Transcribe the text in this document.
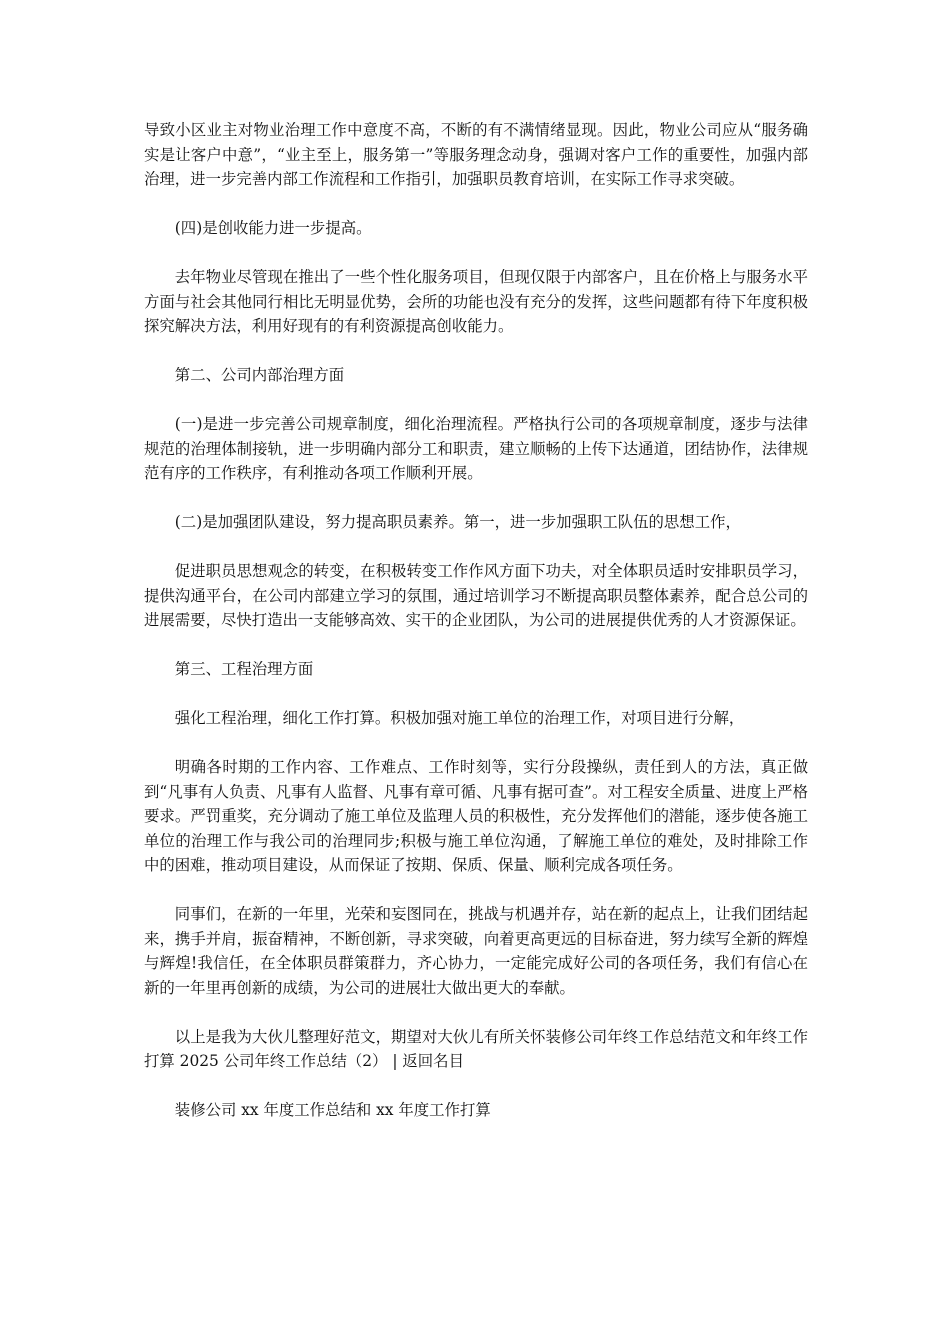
导致小区业主对物业治理工作中意度不高，不断的有不满情绪显现。因此，物业公司应从“服务确实是让客户中意”，“业主至上，服务第一”等服务理念动身，强调对客户工作的重要性，加强内部治理，进一步完善内部工作流程和工作指引，加强职员教育培训，在实际工作寻求突破。

(四)是创收能力进一步提高。

去年物业尽管现在推出了一些个性化服务项目，但现仅限于内部客户，且在价格上与服务水平方面与社会其他同行相比无明显优势，会所的功能也没有充分的发挥，这些问题都有待下年度积极探究解决方法，利用好现有的有利资源提高创收能力。

第二、公司内部治理方面

(一)是进一步完善公司规章制度，细化治理流程。严格执行公司的各项规章制度，逐步与法律规范的治理体制接轨，进一步明确内部分工和职责，建立顺畅的上传下达通道，团结协作，法律规范有序的工作秩序，有利推动各项工作顺利开展。

(二)是加强团队建设，努力提高职员素养。第一，进一步加强职工队伍的思想工作，

促进职员思想观念的转变，在积极转变工作作风方面下功夫，对全体职员适时安排职员学习，提供沟通平台，在公司内部建立学习的氛围，通过培训学习不断提高职员整体素养，配合总公司的进展需要，尽快打造出一支能够高效、实干的企业团队，为公司的进展提供优秀的人才资源保证。

第三、工程治理方面

强化工程治理，细化工作打算。积极加强对施工单位的治理工作，对项目进行分解，

明确各时期的工作内容、工作难点、工作时刻等，实行分段操纵，责任到人的方法，真正做到“凡事有人负责、凡事有人监督、凡事有章可循、凡事有据可查”。对工程安全质量、进度上严格要求。严罚重奖，充分调动了施工单位及监理人员的积极性，充分发挥他们的潜能，逐步使各施工单位的治理工作与我公司的治理同步;积极与施工单位沟通，了解施工单位的难处，及时排除工作中的困难，推动项目建设，从而保证了按期、保质、保量、顺利完成各项任务。

同事们，在新的一年里，光荣和妄图同在，挑战与机遇并存，站在新的起点上，让我们团结起来，携手并肩，振奋精神，不断创新，寻求突破，向着更高更远的目标奋进，努力续写全新的辉煌与辉煌!我信任，在全体职员群策群力，齐心协力，一定能完成好公司的各项任务，我们有信心在新的一年里再创新的成绩，为公司的进展壮大做出更大的奉献。

以上是我为大伙儿整理好范文，期望对大伙儿有所关怀装修公司年终工作总结范文和年终工作打算 2025 公司年终工作总结（2） | 返回名目

装修公司 xx 年度工作总结和 xx 年度工作打算
